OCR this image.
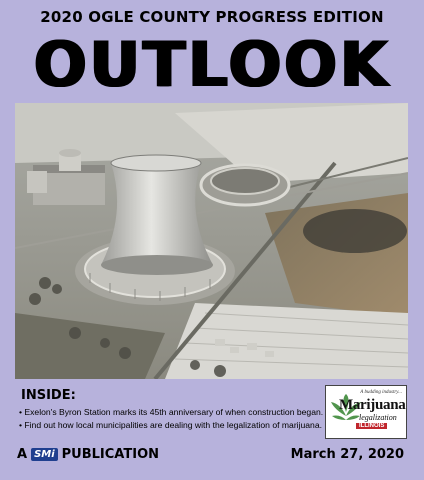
2020 OGLE COUNTY PROGRESS EDITION
OUTLOOK
INSIDE:
• Exelon's Byron Station marks its 45th anniversary of when construction began.
• Find out how local municipalities are dealing with the legalization of marijuana.
A budding industry...
Marijuana
legalization
ILLINOIS
A SMi PUBLICATION	March 27, 2020
